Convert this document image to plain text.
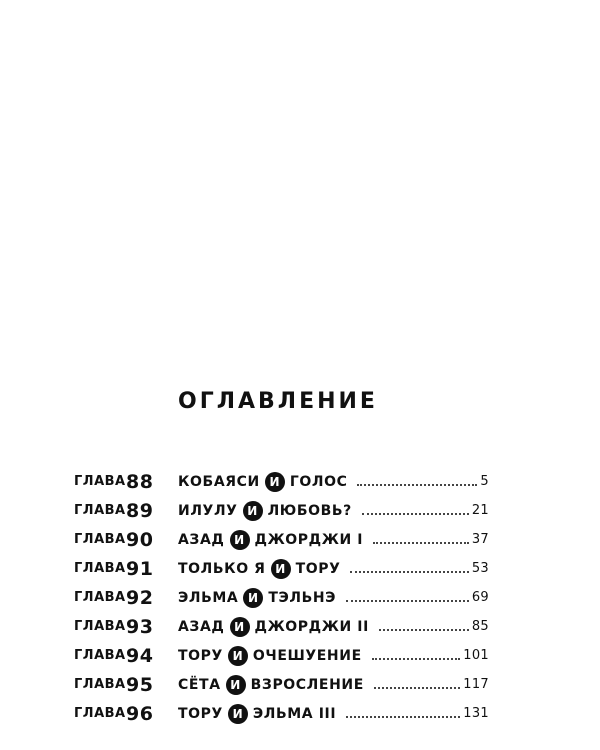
ОГЛАВЛЕНИЕ
ГЛАВА 88	КОБАЯСИ И ГОЛОС	5
ГЛАВА 89	ИЛУЛУ И ЛЮБОВЬ?	21
ГЛАВА 90	АЗАД И ДЖОРДЖИ I	37
ГЛАВА 91	ТОЛЬКО Я И ТОРУ	53
ГЛАВА 92	ЭЛЬМА И ТЭЛЬНЭ	69
ГЛАВА 93	АЗАД И ДЖОРДЖИ II	85
ГЛАВА 94	ТОРУ И ОЧЕШУЕНИЕ	101
ГЛАВА 95	СЁТА И ВЗРОСЛЕНИЕ	117
ГЛАВА 96	ТОРУ И ЭЛЬМА III	131
